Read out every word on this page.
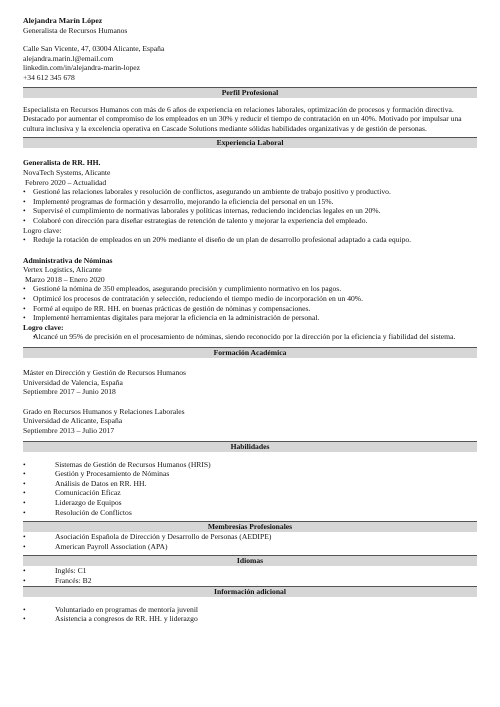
Alejandra Marín López
Generalista de Recursos Humanos
Calle San Vicente, 47, 03004 Alicante, España
alejandra.marin.l@email.com
linkedin.com/in/alejandra-marin-lopez
+34 612 345 678
Perfil Profesional
Especialista en Recursos Humanos con más de 6 años de experiencia en relaciones laborales, optimización de procesos y formación directiva. Destacado por aumentar el compromiso de los empleados en un 30% y reducir el tiempo de contratación en un 40%. Motivado por impulsar una cultura inclusiva y la excelencia operativa en Cascade Solutions mediante sólidas habilidades organizativas y de gestión de personas.
Experiencia Laboral
Generalista de RR. HH.
NovaTech Systems, Alicante
Febrero 2020 – Actualidad
• Gestioné las relaciones laborales y resolución de conflictos, asegurando un ambiente de trabajo positivo y productivo.
• Implementé programas de formación y desarrollo, mejorando la eficiencia del personal en un 15%.
• Supervisé el cumplimiento de normativas laborales y políticas internas, reduciendo incidencias legales en un 20%.
• Colaboré con dirección para diseñar estrategias de retención de talento y mejorar la experiencia del empleado.
Logro clave:
• Reduje la rotación de empleados en un 20% mediante el diseño de un plan de desarrollo profesional adaptado a cada equipo.
Administrativa de Nóminas
Vertex Logistics, Alicante
Marzo 2018 – Enero 2020
• Gestioné la nómina de 350 empleados, asegurando precisión y cumplimiento normativo en los pagos.
• Optimicé los procesos de contratación y selección, reduciendo el tiempo medio de incorporación en un 40%.
• Formé al equipo de RR. HH. en buenas prácticas de gestión de nóminas y compensaciones.
• Implementé herramientas digitales para mejorar la eficiencia en la administración de personal.
Logro clave:
• Alcancé un 95% de precisión en el procesamiento de nóminas, siendo reconocido por la dirección por la eficiencia y fiabilidad del sistema.
Formación Académica
Máster en Dirección y Gestión de Recursos Humanos
Universidad de Valencia, España
Septiembre 2017 – Junio 2018
Grado en Recursos Humanos y Relaciones Laborales
Universidad de Alicante, España
Septiembre 2013 – Julio 2017
Habilidades
• Sistemas de Gestión de Recursos Humanos (HRIS)
• Gestión y Procesamiento de Nóminas
• Análisis de Datos en RR. HH.
• Comunicación Eficaz
• Liderazgo de Equipos
• Resolución de Conflictos
Membresías Profesionales
• Asociación Española de Dirección y Desarrollo de Personas (AEDIPE)
• American Payroll Association (APA)
Idiomas
• Inglés: C1
• Francés: B2
Información adicional
• Voluntariado en programas de mentoría juvenil
• Asistencia a congresos de RR. HH. y liderazgo
